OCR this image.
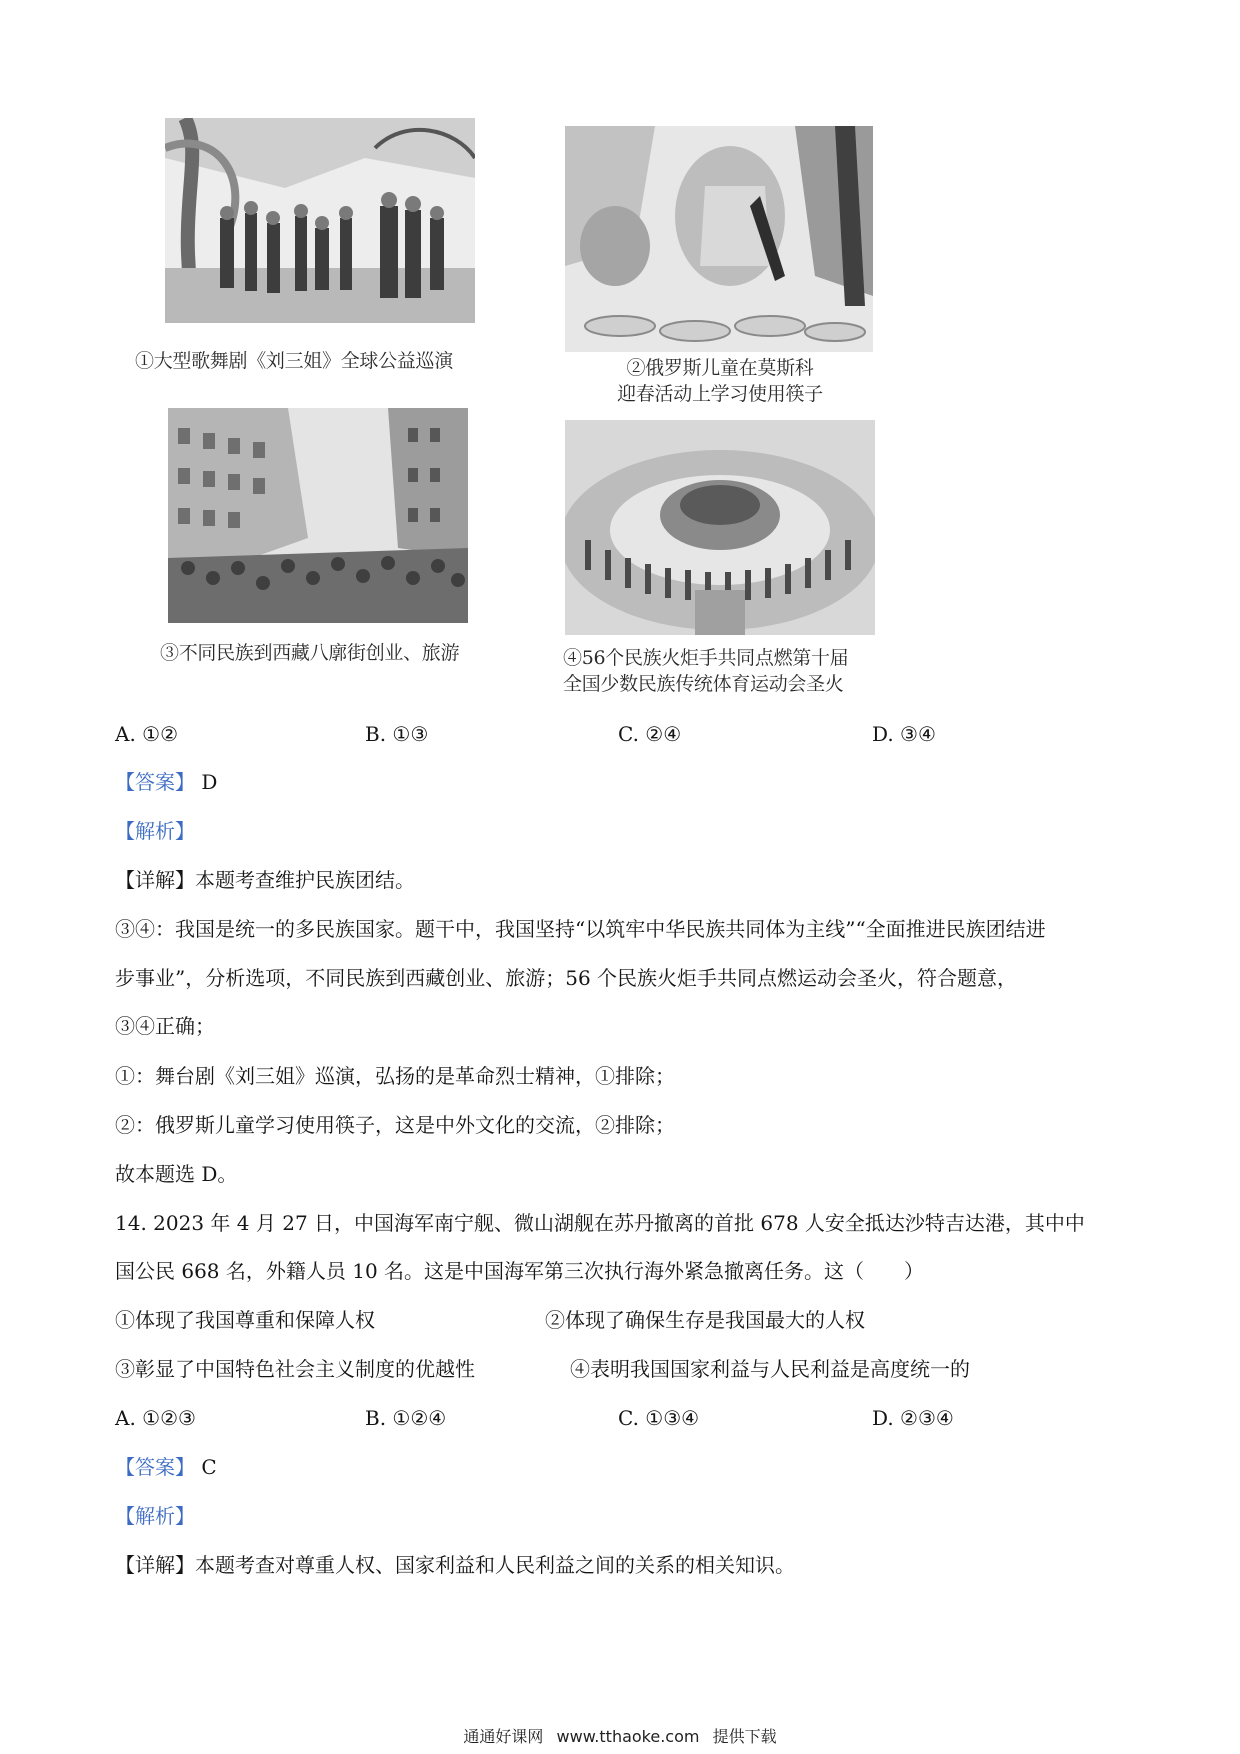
①大型歌舞剧《刘三姐》全球公益巡演	②俄罗斯儿童在莫斯科
迎春活动上学习使用筷子
③不同民族到西藏八廓街创业、旅游	④56个民族火炬手共同点燃第十届
全国少数民族传统体育运动会圣火
A. ①②	B. ①③	C. ②④	D. ③④
【答案】 D
【解析】
【详解】本题考查维护民族团结。
③④：我国是统一的多民族国家。题干中，我国坚持“以筑牢中华民族共同体为主线”“全面推进民族团结进
步事业”，分析选项，不同民族到西藏创业、旅游；56 个民族火炬手共同点燃运动会圣火，符合题意，
③④正确；
①：舞台剧《刘三姐》巡演，弘扬的是革命烈士精神，①排除；
②：俄罗斯儿童学习使用筷子，这是中外文化的交流，②排除；
故本题选 D。
14. 2023 年 4 月 27 日，中国海军南宁舰、微山湖舰在苏丹撤离的首批 678 人安全抵达沙特吉达港，其中中
国公民 668 名，外籍人员 10 名。这是中国海军第三次执行海外紧急撤离任务。这（　　）
①体现了我国尊重和保障人权	②体现了确保生存是我国最大的人权
③彰显了中国特色社会主义制度的优越性	④表明我国国家利益与人民利益是高度统一的
A. ①②③	B. ①②④	C. ①③④	D. ②③④
【答案】 C
【解析】
【详解】本题考查对尊重人权、国家利益和人民利益之间的关系的相关知识。
通通好课网 www.tthaoke.com 提供下载
